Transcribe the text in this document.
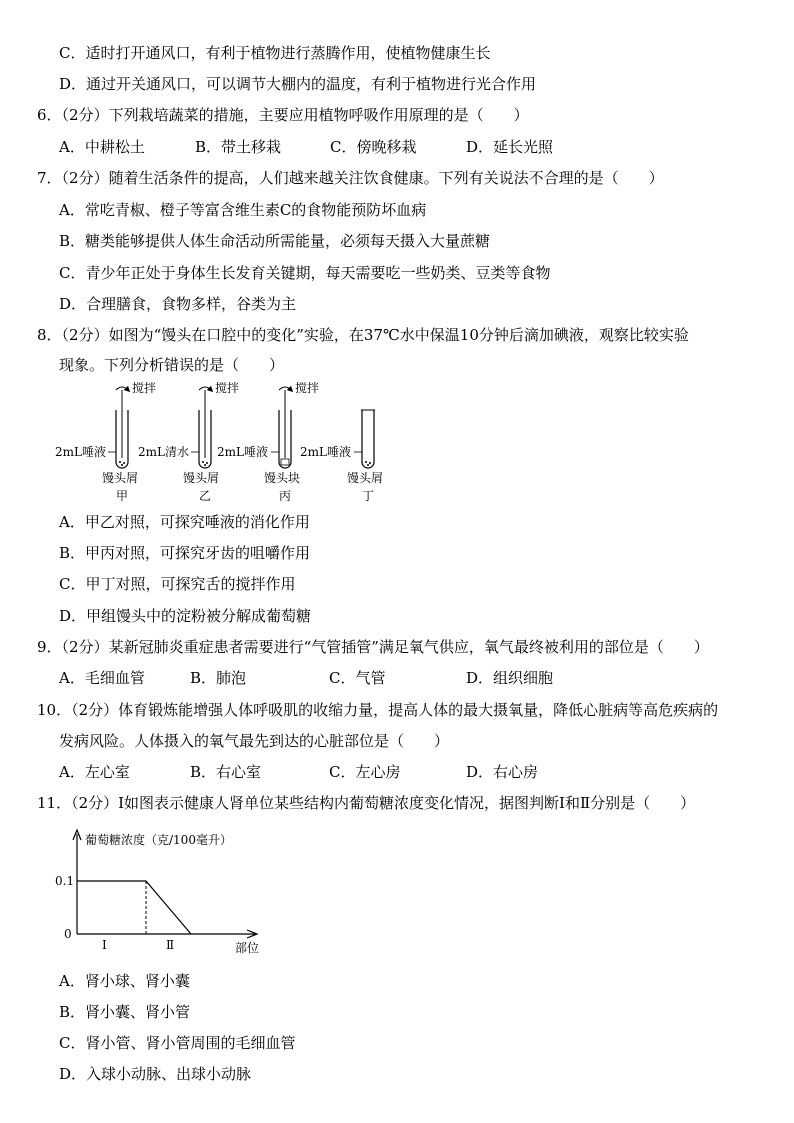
C．适时打开通风口，有利于植物进行蒸腾作用，使植物健康生长
D．通过开关通风口，可以调节大棚内的温度，有利于植物进行光合作用
6．（2分）下列栽培蔬菜的措施，主要应用植物呼吸作用原理的是（　　）
A．中耕松土	B．带土移栽	C．傍晚移栽	D．延长光照
7．（2分）随着生活条件的提高，人们越来越关注饮食健康。下列有关说法不合理的是（　　）
A．常吃青椒、橙子等富含维生素C的食物能预防坏血病
B．糖类能够提供人体生命活动所需能量，必须每天摄入大量蔗糖
C．青少年正处于身体生长发育关键期，每天需要吃一些奶类、豆类等食物
D．合理膳食，食物多样，谷类为主
8．（2分）如图为“馒头在口腔中的变化”实验，在37℃水中保温10分钟后滴加碘液，观察比较实验
现象。下列分析错误的是（　　）
搅拌
2mL唾液
馒头屑
甲
搅拌
2mL清水
馒头屑
乙
搅拌
2mL唾液
馒头块
丙
2mL唾液
馒头屑
丁
A．甲乙对照，可探究唾液的消化作用
B．甲丙对照，可探究牙齿的咀嚼作用
C．甲丁对照，可探究舌的搅拌作用
D．甲组馒头中的淀粉被分解成葡萄糖
9．（2分）某新冠肺炎重症患者需要进行“气管插管”满足氧气供应，氧气最终被利用的部位是（　　）
A．毛细血管	B．肺泡	C．气管	D．组织细胞
10．（2分）体育锻炼能增强人体呼吸肌的收缩力量，提高人体的最大摄氧量，降低心脏病等高危疾病的
发病风险。人体摄入的氧气最先到达的心脏部位是（　　）
A．左心室	B．右心室	C．左心房	D．右心房
11．（2分）Ⅰ如图表示健康人肾单位某些结构内葡萄糖浓度变化情况，据图判断Ⅰ和Ⅱ分别是（　　）
葡萄糖浓度（克/100毫升）
0.1
0
Ⅰ	Ⅱ	部位
A．肾小球、肾小囊
B．肾小囊、肾小管
C．肾小管、肾小管周围的毛细血管
D．入球小动脉、出球小动脉
